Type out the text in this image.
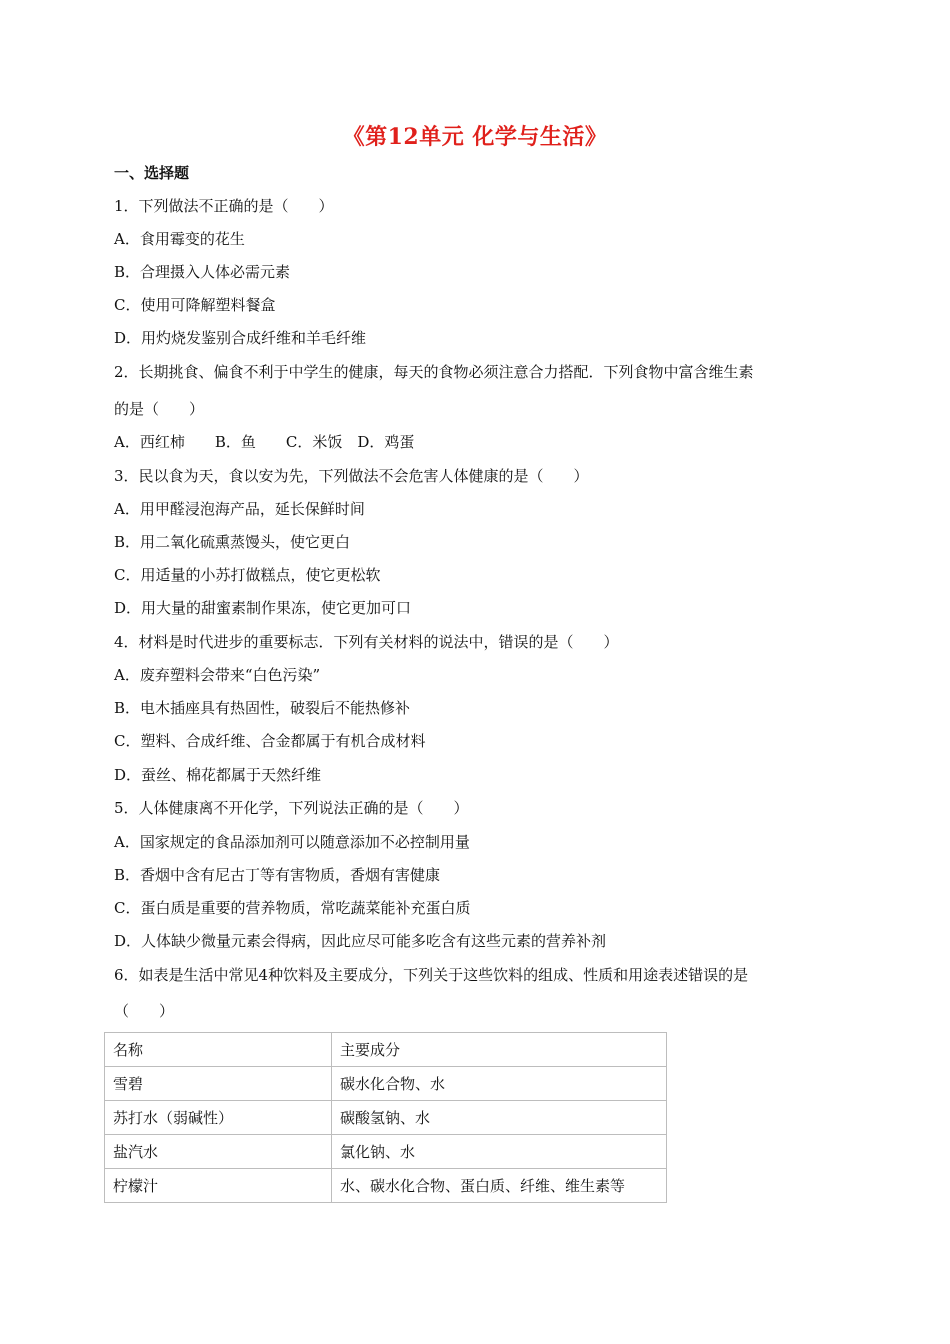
《第12单元 化学与生活》
一、选择题
1．下列做法不正确的是（　　）
A．食用霉变的花生
B．合理摄入人体必需元素
C．使用可降解塑料餐盒
D．用灼烧发鉴别合成纤维和羊毛纤维
2．长期挑食、偏食不利于中学生的健康，每天的食物必须注意合力搭配．下列食物中富含维生素
的是（　　）
A．西红柿　　B．鱼　　C．米饭　D．鸡蛋
3．民以食为天，食以安为先，下列做法不会危害人体健康的是（　　）
A．用甲醛浸泡海产品，延长保鲜时间
B．用二氧化硫熏蒸馒头，使它更白
C．用适量的小苏打做糕点，使它更松软
D．用大量的甜蜜素制作果冻，使它更加可口
4．材料是时代进步的重要标志．下列有关材料的说法中，错误的是（　　）
A．废弃塑料会带来“白色污染”
B．电木插座具有热固性，破裂后不能热修补
C．塑料、合成纤维、合金都属于有机合成材料
D．蚕丝、棉花都属于天然纤维
5．人体健康离不开化学，下列说法正确的是（　　）
A．国家规定的食品添加剂可以随意添加不必控制用量
B．香烟中含有尼古丁等有害物质，香烟有害健康
C．蛋白质是重要的营养物质，常吃蔬菜能补充蛋白质
D．人体缺少微量元素会得病，因此应尽可能多吃含有这些元素的营养补剂
6．如表是生活中常见4种饮料及主要成分，下列关于这些饮料的组成、性质和用途表述错误的是
（　　）
名称	主要成分
雪碧	碳水化合物、水
苏打水（弱碱性）	碳酸氢钠、水
盐汽水	氯化钠、水
柠檬汁	水、碳水化合物、蛋白质、纤维、维生素等
